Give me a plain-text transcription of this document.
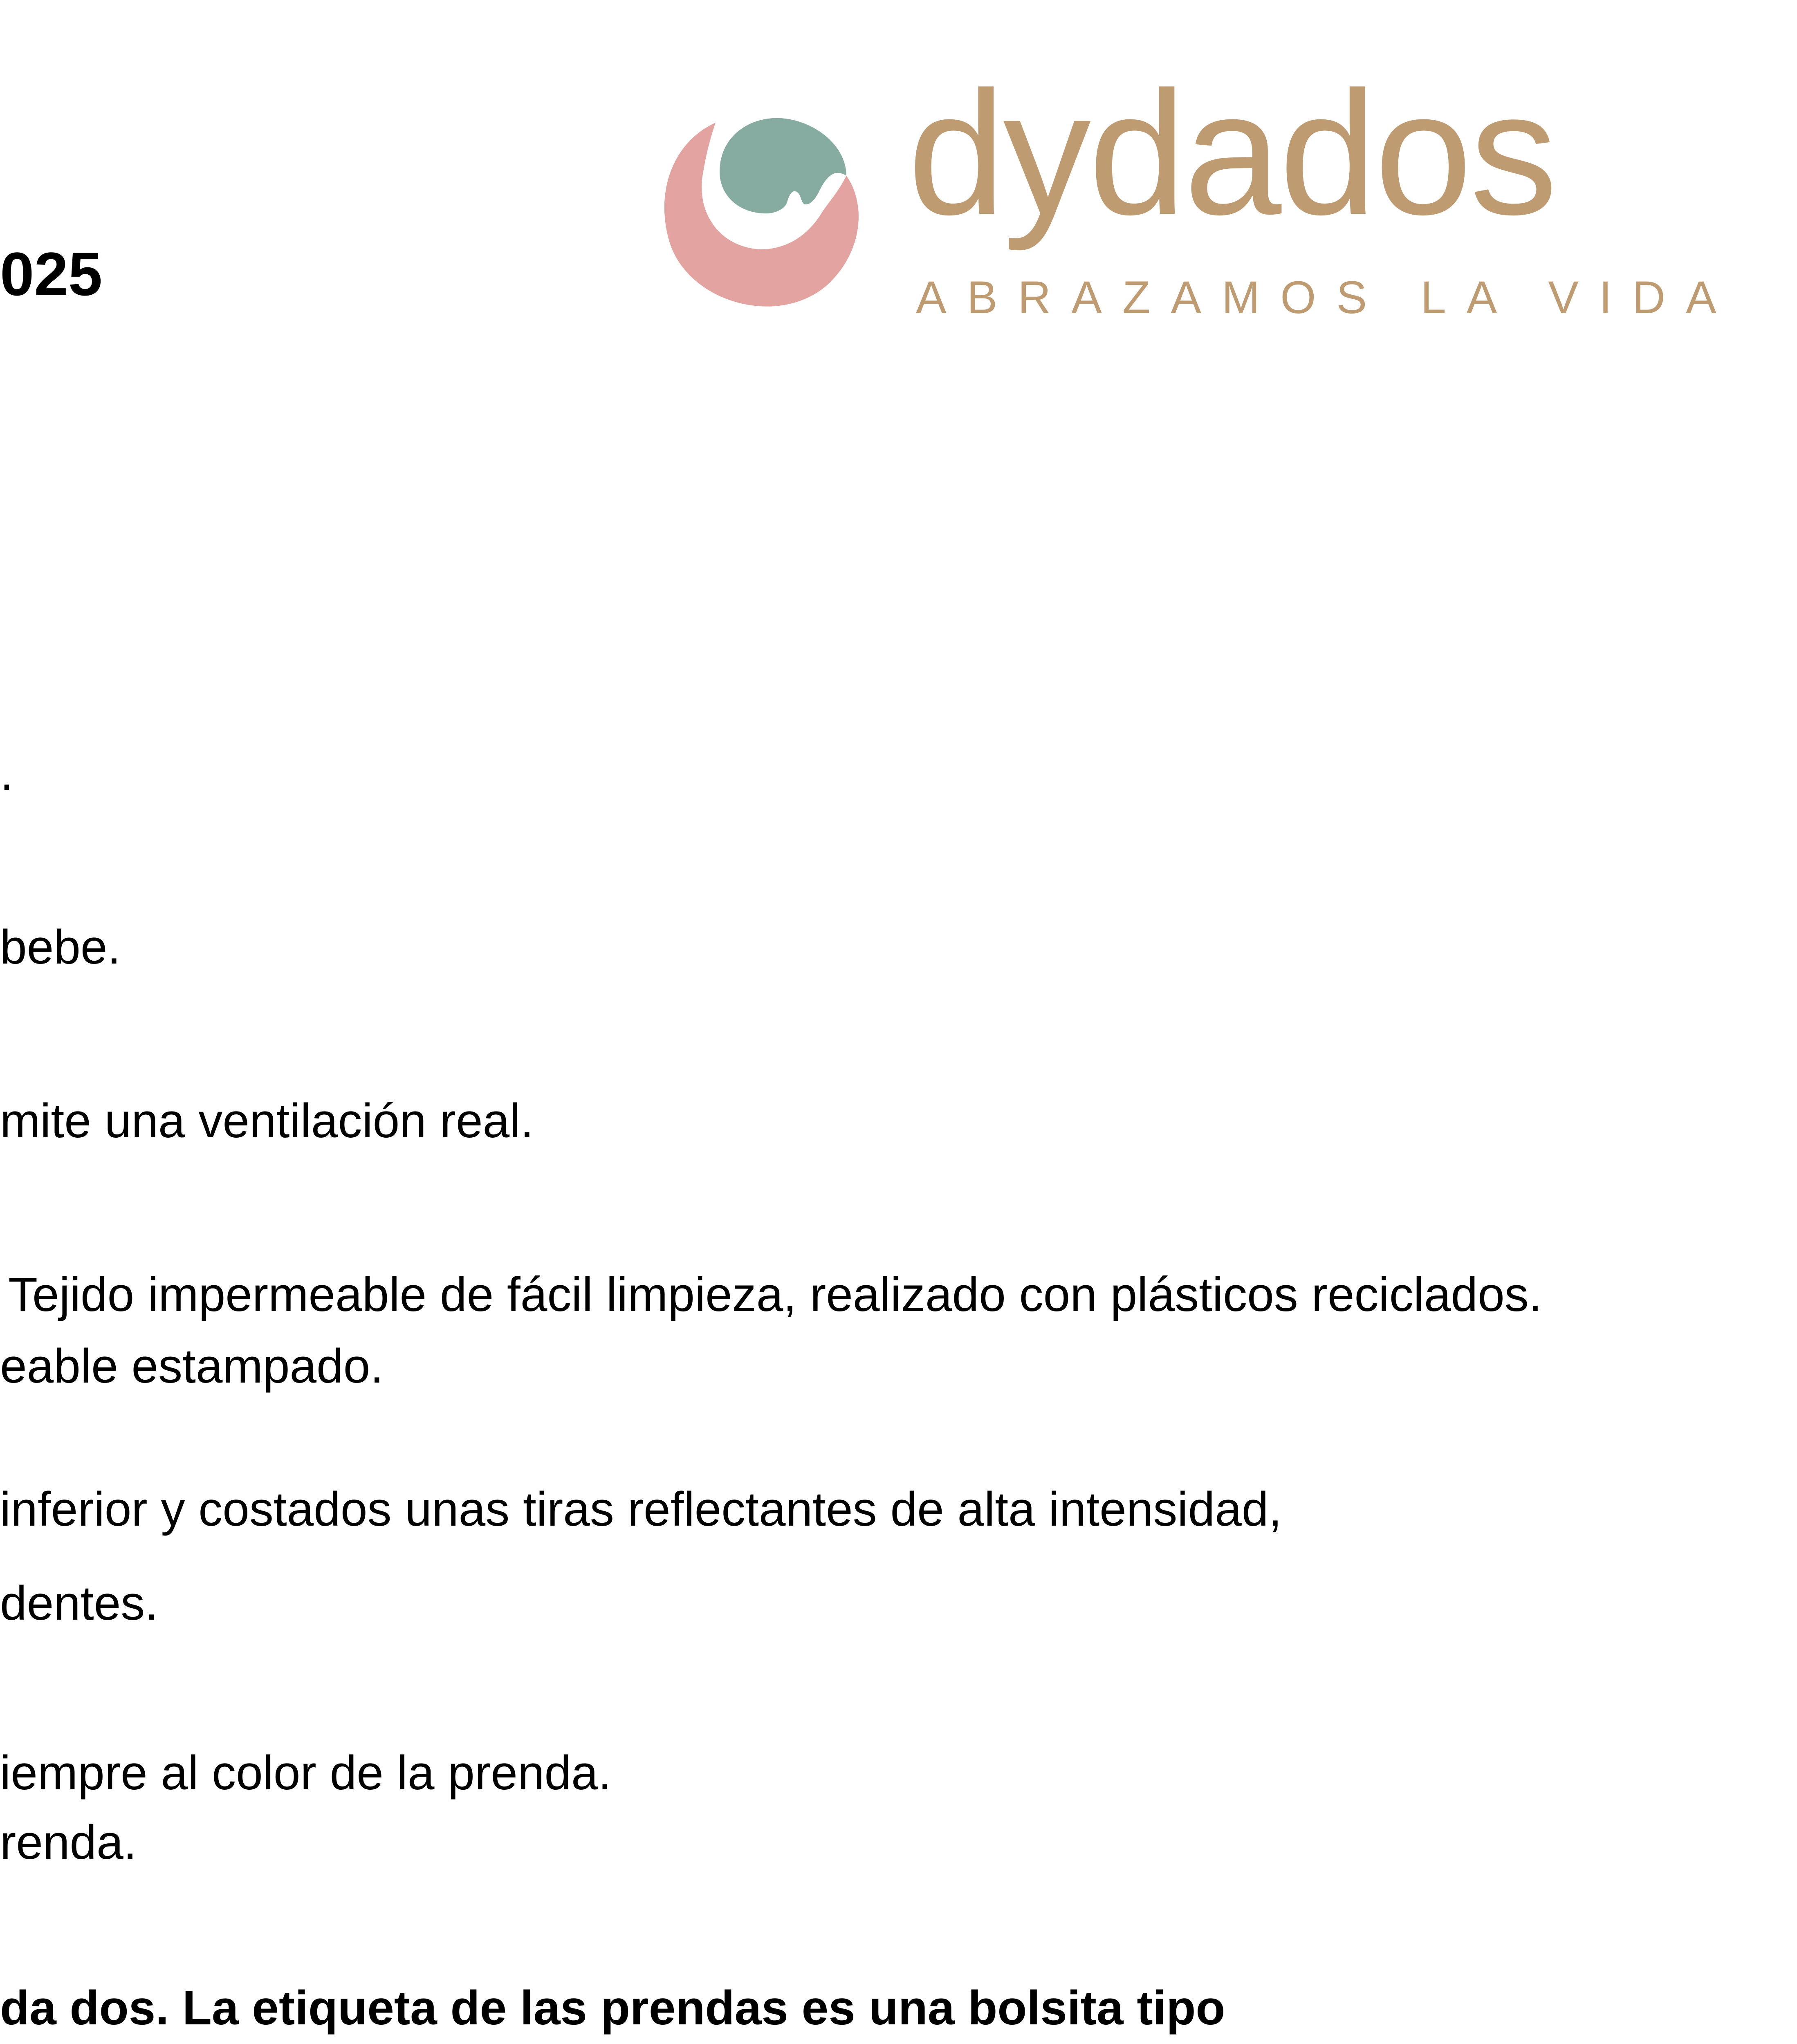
025
dydados
ABRAZAMOS LA VIDA
.
bebe.
mite una ventilación real.
Tejido impermeable de fácil limpieza, realizado con plásticos reciclados.
eable estampado.
inferior y costados unas tiras reflectantes de alta intensidad,
dentes.
iempre al color de la prenda.
renda.
da dos. La etiqueta de las prendas es una bolsita tipo
